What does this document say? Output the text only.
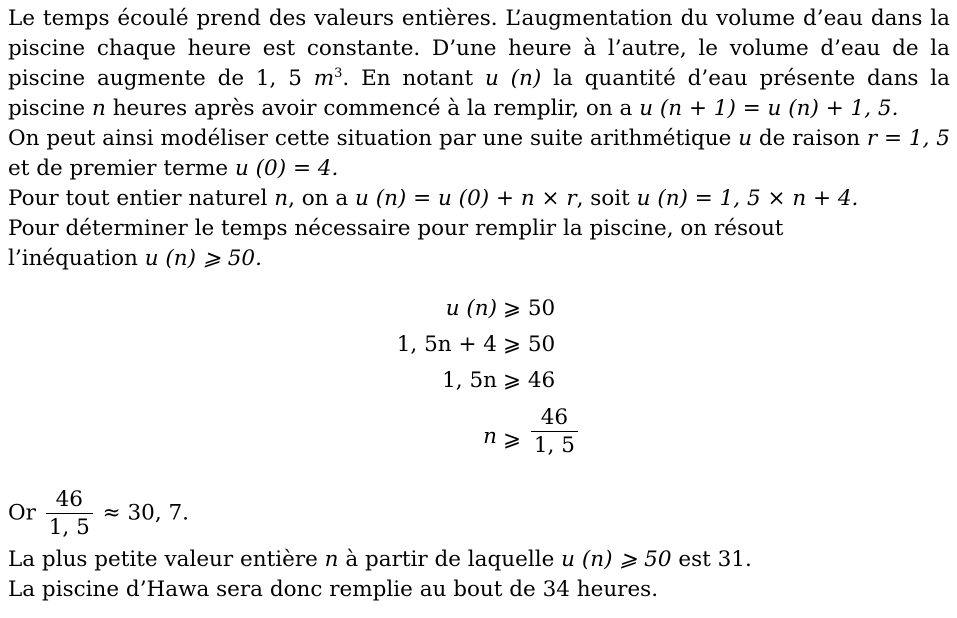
Le temps écoulé prend des valeurs entières. L’augmentation du volume d’eau dans la piscine chaque heure est constante. D’une heure à l’autre, le volume d’eau de la piscine augmente de 1, 5 $m^3$. En notant u (n) la quantité d’eau présente dans la piscine n heures après avoir commencé à la remplir, on a u (n + 1) = u (n) + 1, 5.

On peut ainsi modéliser cette situation par une suite arithmétique u de raison r = 1, 5 et de premier terme u (0) = 4.

Pour tout entier naturel n, on a u (n) = u (0) + n × r, soit u (n) = 1, 5 × n + 4.

Pour déterminer le temps nécessaire pour remplir la piscine, on résout l’inéquation u (n) ⩾ 50.

u (n) ⩾ 50
1, 5n + 4 ⩾ 50
1, 5n ⩾ 46
n ⩾ $\frac{46}{1, 5}$
Or $\frac{46}{1, 5} \approx 30$, 7.

La plus petite valeur entière n à partir de laquelle u (n) ⩾ 50 est 31.

La piscine d’Hawa sera donc remplie au bout de 34 heures.
